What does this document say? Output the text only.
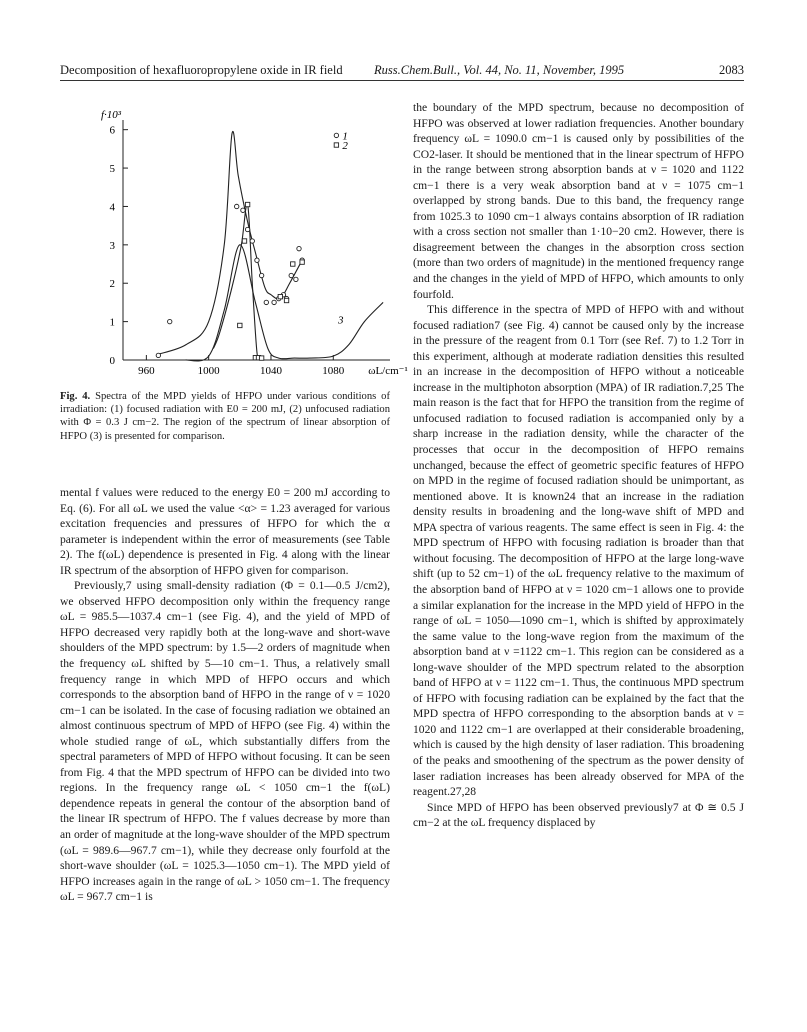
Decomposition of hexafluoropropylene oxide in IR field	Russ.Chem.Bull., Vol. 44, No. 11, November, 1995	2083
0
1
2
3
4
5
6
960	1000	1040	1080
f·10³
ωL/cm⁻¹
1
2
3
Fig. 4. Spectra of the MPD yields of HFPO under various conditions of irradiation: (1) focused radiation with E0 = 200 mJ, (2) unfocused radiation with Φ = 0.3 J cm−2. The region of the spectrum of linear absorption of HFPO (3) is presented for comparison.

mental f values were reduced to the energy E0 = 200 mJ according to Eq. (6). For all ωL we used the value <α> = 1.23 averaged for various excitation frequencies and pressures of HFPO for which the α parameter is independent within the error of measurements (see Table 2). The f(ωL) dependence is presented in Fig. 4 along with the linear IR spectrum of the absorption of HFPO given for comparison.

Previously,7 using small-density radiation (Φ = 0.1—0.5 J/cm2), we observed HFPO decomposition only within the frequency range ωL = 985.5—1037.4 cm−1 (see Fig. 4), and the yield of MPD of HFPO decreased very rapidly both at the long-wave and short-wave shoulders of the MPD spectrum: by 1.5—2 orders of magnitude when the frequency ωL shifted by 5—10 cm−1. Thus, a relatively small frequency range in which MPD of HFPO occurs and which corresponds to the absorption band of HFPO in the range of ν = 1020 cm−1 can be isolated. In the case of focusing radiation we obtained an almost continuous spectrum of MPD of HFPO (see Fig. 4) within the whole studied range of ωL, which substantially differs from the spectral parameters of MPD of HFPO without focusing. It can be seen from Fig. 4 that the MPD spectrum of HFPO can be divided into two regions. In the frequency range ωL < 1050 cm−1 the f(ωL) dependence repeats in general the contour of the absorption band of the linear IR spectrum of HFPO. The f values decrease by more than an order of magnitude at the long-wave shoulder of the MPD spectrum (ωL = 989.6—967.7 cm−1), while they decrease only fourfold at the short-wave shoulder (ωL = 1025.3—1050 cm−1). The MPD yield of HFPO increases again in the range of ωL > 1050 cm−1. The frequency ωL = 967.7 cm−1 is

the boundary of the MPD spectrum, because no decomposition of HFPO was observed at lower radiation frequencies. Another boundary frequency ωL = 1090.0 cm−1 is caused only by possibilities of the CO2-laser. It should be mentioned that in the linear spectrum of HFPO in the range between strong absorption bands at ν = 1020 and 1122 cm−1 there is a very weak absorption band at ν = 1075 cm−1 overlapped by strong bands. Due to this band, the frequency range from 1025.3 to 1090 cm−1 always contains absorption of IR radiation with a cross section not smaller than 1·10−20 cm2. However, there is disagreement between the changes in the absorption cross section (more than two orders of magnitude) in the mentioned frequency range and the changes in the yield of MPD of HFPO, which amounts to only fourfold.

This difference in the spectra of MPD of HFPO with and without focused radiation7 (see Fig. 4) cannot be caused only by the increase in the pressure of the reagent from 0.1 Torr (see Ref. 7) to 1.2 Torr in this experiment, although at moderate radiation densities this resulted in an increase in the decomposition of HFPO without a noticeable increase in the multiphoton absorption (MPA) of IR radiation.7,25 The main reason is the fact that for HFPO the transition from the regime of unfocused radiation to focused radiation is accompanied only by a sharp increase in the radiation density, while the character of the processes that occur in the decomposition of HFPO remains unchanged, because the effect of geometric specific features of HFPO on MPD in the regime of focused radiation should be unimportant, as mentioned above. It is known24 that an increase in the radiation density results in broadening and the long-wave shift of MPD and MPA spectra of various reagents. The same effect is seen in Fig. 4: the MPD spectrum of HFPO with focusing radiation is broader than that without focusing. The decomposition of HFPO at the large long-wave shift (up to 52 cm−1) of the ωL frequency relative to the maximum of the absorption band of HFPO at ν = 1020 cm−1 allows one to provide a similar explanation for the increase in the MPD yield of HFPO in the range of ωL = 1050—1090 cm−1, which is shifted by approximately the same value to the long-wave region from the maximum of the absorption band at ν =1122 cm−1. This region can be considered as a long-wave shoulder of the MPD spectrum related to the absorption band of HFPO at ν = 1122 cm−1. Thus, the continuous MPD spectrum of HFPO with focusing radiation can be explained by the fact that the MPD spectra of HFPO corresponding to the absorption bands at ν = 1020 and 1122 cm−1 are overlapped at their considerable broadening, which is caused by the high density of laser radiation. This broadening of the peaks and smoothening of the spectrum as the power density of laser radiation increases has been already observed for MPA of the reagent.27,28

Since MPD of HFPO has been observed previously7 at Φ ≅ 0.5 J cm−2 at the ωL frequency displaced by
